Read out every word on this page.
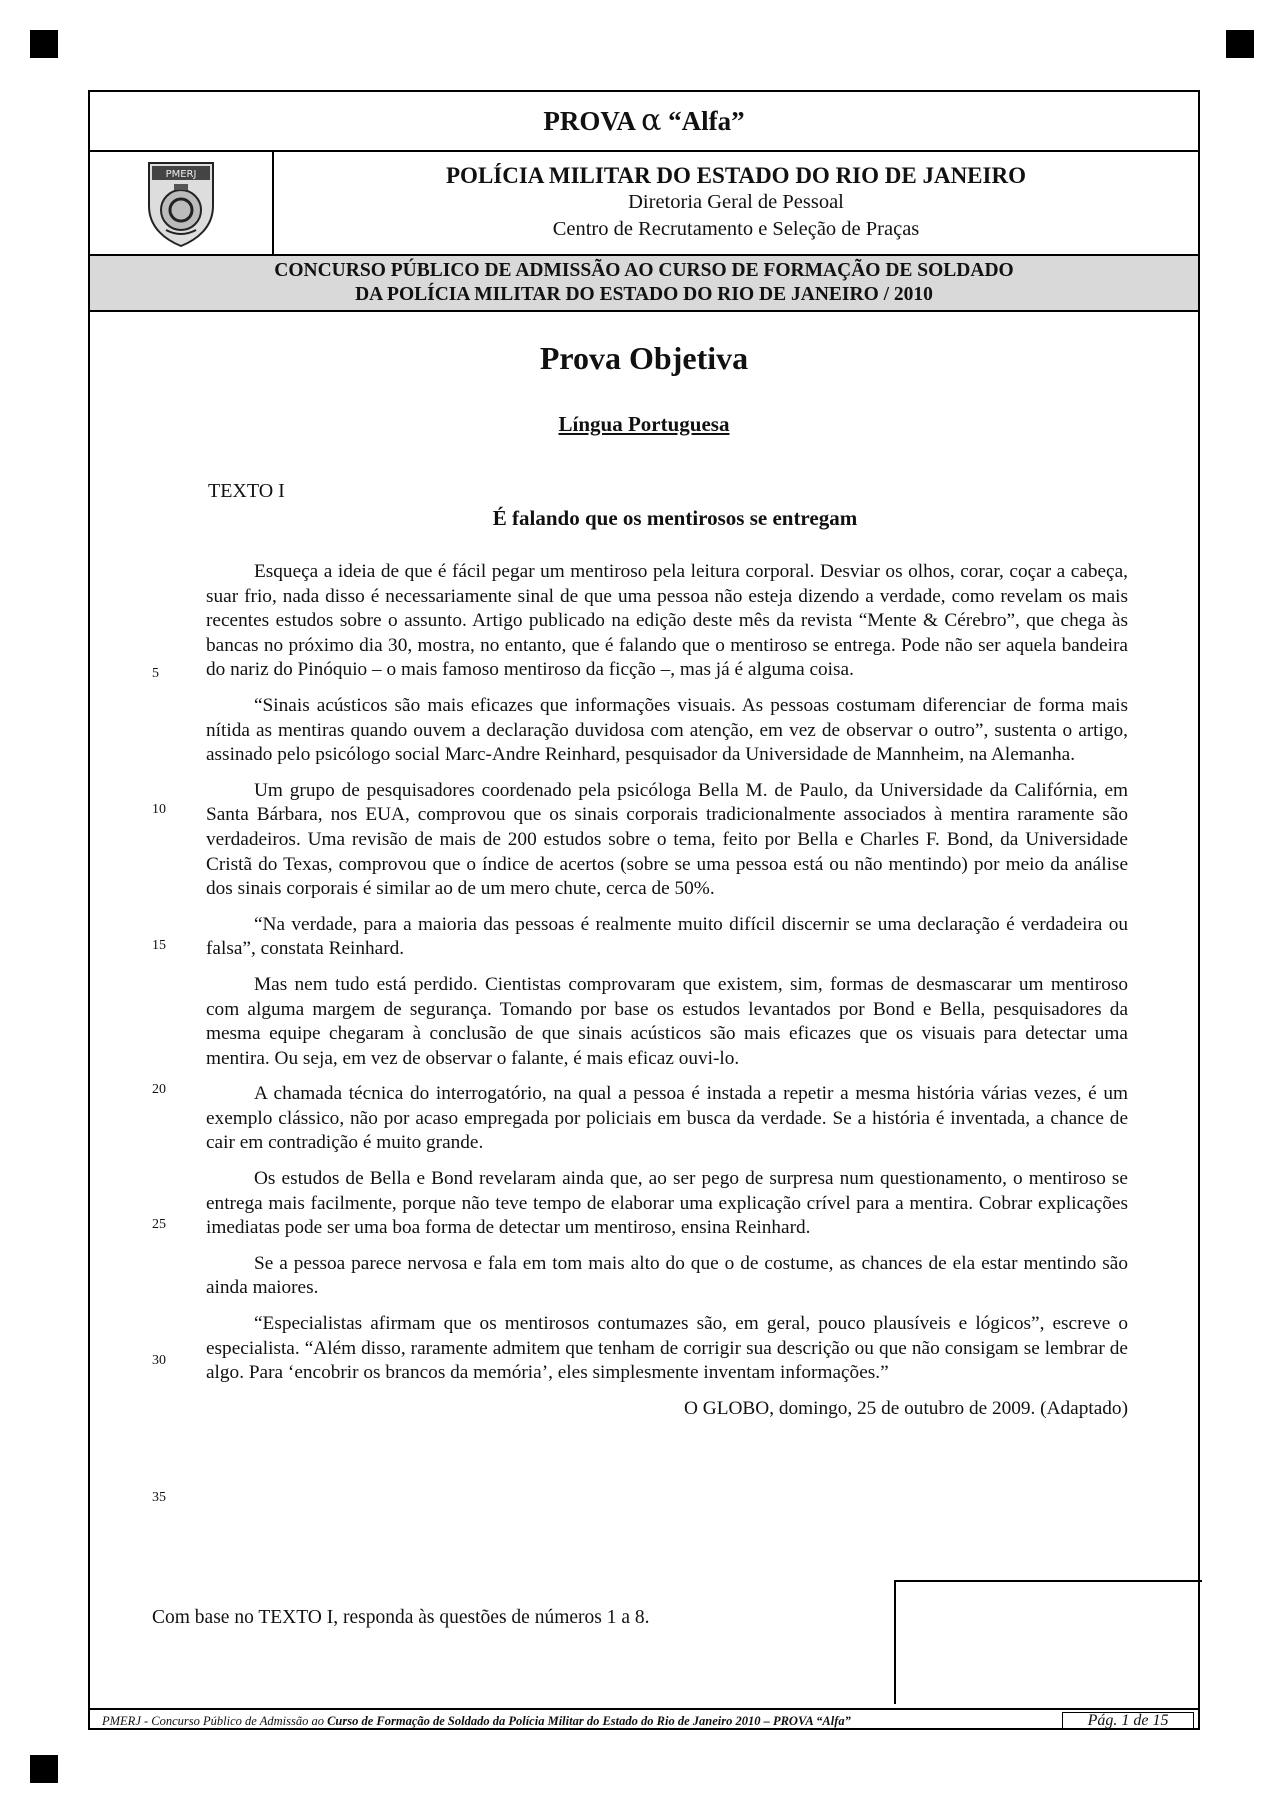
PROVA α “Alfa”
PMERJ	POLÍCIA MILITAR DO ESTADO DO RIO DE JANEIRO
Diretoria Geral de Pessoal
Centro de Recrutamento e Seleção de Praças
CONCURSO PÚBLICO DE ADMISSÃO AO CURSO DE FORMAÇÃO DE SOLDADO
DA POLÍCIA MILITAR DO ESTADO DO RIO DE JANEIRO / 2010
Prova Objetiva
Língua Portuguesa
TEXTO I
É falando que os mentirosos se entregam
5
10
15
20
25
30
35

Esqueça a ideia de que é fácil pegar um mentiroso pela leitura corporal. Desviar os olhos, corar, coçar a cabeça, suar frio, nada disso é necessariamente sinal de que uma pessoa não esteja dizendo a verdade, como revelam os mais recentes estudos sobre o assunto. Artigo publicado na edição deste mês da revista “Mente & Cérebro”, que chega às bancas no próximo dia 30, mostra, no entanto, que é falando que o mentiroso se entrega. Pode não ser aquela bandeira do nariz do Pinóquio – o mais famoso mentiroso da ficção –, mas já é alguma coisa.

“Sinais acústicos são mais eficazes que informações visuais. As pessoas costumam diferenciar de forma mais nítida as mentiras quando ouvem a declaração duvidosa com atenção, em vez de observar o outro”, sustenta o artigo, assinado pelo psicólogo social Marc-Andre Reinhard, pesquisador da Universidade de Mannheim, na Alemanha.

Um grupo de pesquisadores coordenado pela psicóloga Bella M. de Paulo, da Universidade da Califórnia, em Santa Bárbara, nos EUA, comprovou que os sinais corporais tradicionalmente associados à mentira raramente são verdadeiros. Uma revisão de mais de 200 estudos sobre o tema, feito por Bella e Charles F. Bond, da Universidade Cristã do Texas, comprovou que o índice de acertos (sobre se uma pessoa está ou não mentindo) por meio da análise dos sinais corporais é similar ao de um mero chute, cerca de 50%.

“Na verdade, para a maioria das pessoas é realmente muito difícil discernir se uma declaração é verdadeira ou falsa”, constata Reinhard.

Mas nem tudo está perdido. Cientistas comprovaram que existem, sim, formas de desmascarar um mentiroso com alguma margem de segurança. Tomando por base os estudos levantados por Bond e Bella, pesquisadores da mesma equipe chegaram à conclusão de que sinais acústicos são mais eficazes que os visuais para detectar uma mentira. Ou seja, em vez de observar o falante, é mais eficaz ouvi-lo.

A chamada técnica do interrogatório, na qual a pessoa é instada a repetir a mesma história várias vezes, é um exemplo clássico, não por acaso empregada por policiais em busca da verdade. Se a história é inventada, a chance de cair em contradição é muito grande.

Os estudos de Bella e Bond revelaram ainda que, ao ser pego de surpresa num questionamento, o mentiroso se entrega mais facilmente, porque não teve tempo de elaborar uma explicação crível para a mentira. Cobrar explicações imediatas pode ser uma boa forma de detectar um mentiroso, ensina Reinhard.

Se a pessoa parece nervosa e fala em tom mais alto do que o de costume, as chances de ela estar mentindo são ainda maiores.

“Especialistas afirmam que os mentirosos contumazes são, em geral, pouco plausíveis e lógicos”, escreve o especialista. “Além disso, raramente admitem que tenham de corrigir sua descrição ou que não consigam se lembrar de algo. Para ‘encobrir os brancos da memória’, eles simplesmente inventam informações.”

O GLOBO, domingo, 25 de outubro de 2009. (Adaptado)
Com base no TEXTO I, responda às questões de números 1 a 8.
PMERJ - Concurso Público de Admissão ao Curso de Formação de Soldado da Polícia Militar do Estado do Rio de Janeiro 2010 – PROVA “Alfa”	Pág. 1 de 15
